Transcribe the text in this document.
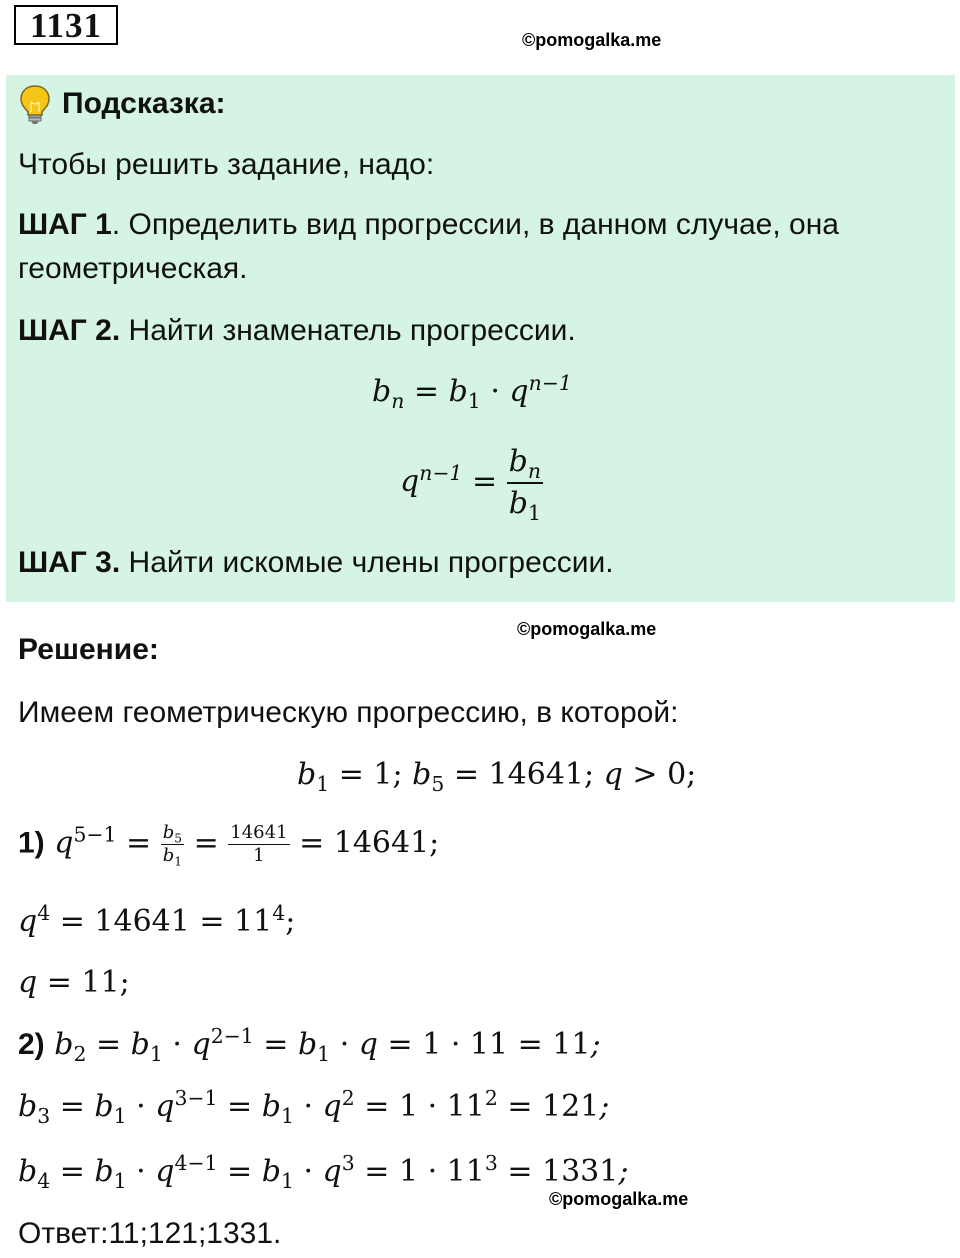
1131	©pomogalka.me
Подсказка:
Чтобы решить задание, надо:
ШАГ 1. Определить вид прогрессии, в данном случае, она
геометрическая.
ШАГ 2. Найти знаменатель прогрессии.
$b_n = b_1 \cdot q^{n-1}$
$q^{n-1} = \frac{b_n}{b_1}$
ШАГ 3. Найти искомые члены прогрессии.
©pomogalka.me
Решение:
Имеем геометрическую прогрессию, в которой:
$b_1 = 1$; $b_5 = 14641$; q > 0;
1) $q^{5-1} = \frac{b_5}{b_1} = \frac{14641}{1} = 14641$;
$q^4 = 14641 = 11^4$;
q = 11;
2) $b_2 = b_1 \cdot q^{2-1} = b_1 \cdot q = 1 \cdot 11 = 11$;
$b_3 = b_1 \cdot q^{3-1} = b_1 \cdot q^2 = 1 \cdot 11^2 = 121$;
$b_4 = b_1 \cdot q^{4-1} = b_1 \cdot q^3 = 1 \cdot 11^3 = 1331$;
©pomogalka.me
Ответ:11;121;1331.
